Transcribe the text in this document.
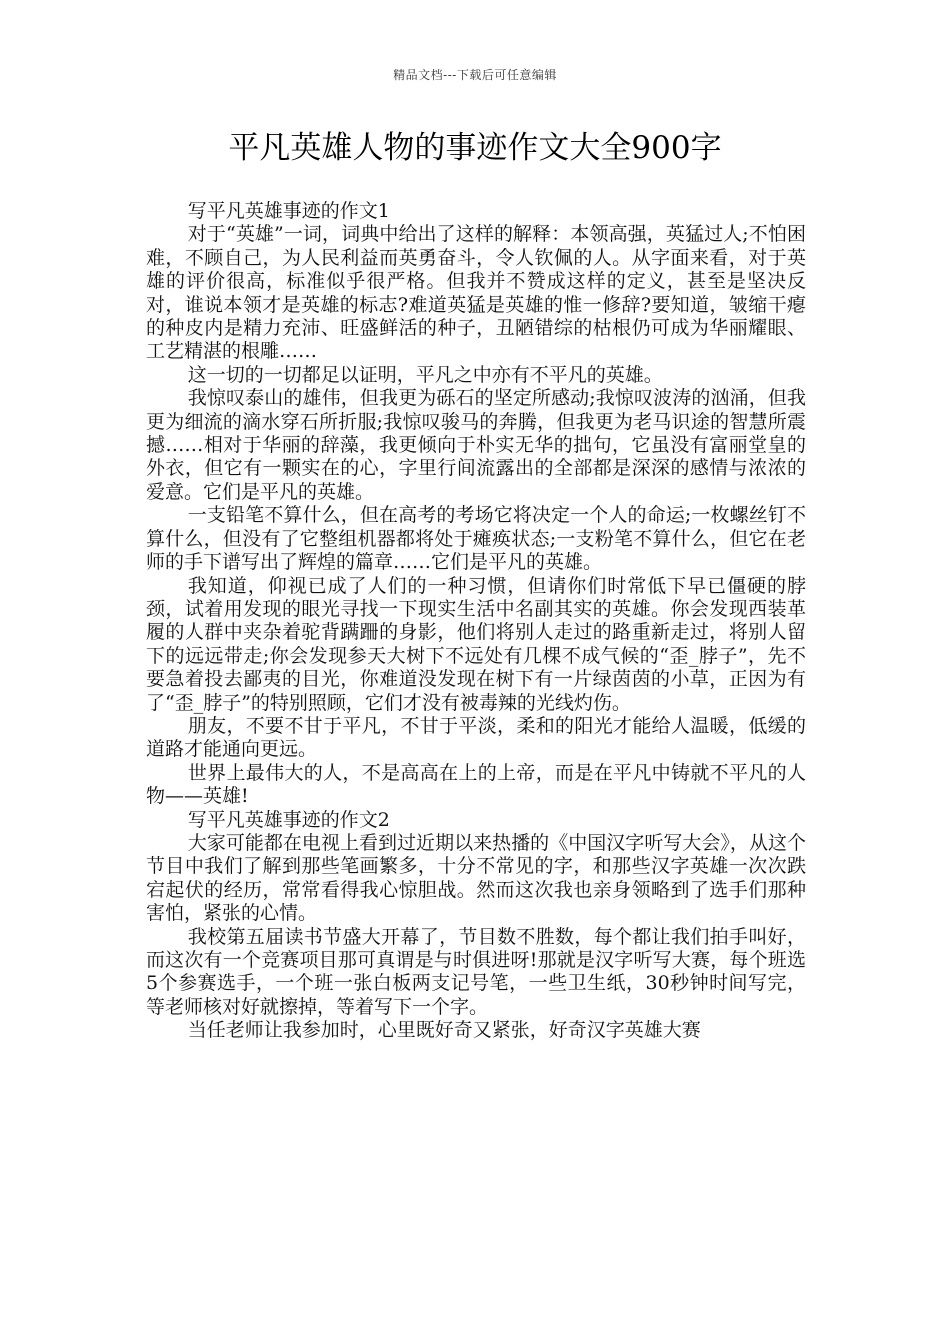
精品文档---下载后可任意编辑
平凡英雄人物的事迹作文大全900字

写平凡英雄事迹的作文1

对于“英雄”一词，词典中给出了这样的解释：本领高强，英猛过人;不怕困难，不顾自己，为人民利益而英勇奋斗，令人钦佩的人。从字面来看，对于英雄的评价很高，标准似乎很严格。但我并不赞成这样的定义，甚至是坚决反对，谁说本领才是英雄的标志?难道英猛是英雄的惟一修辞?要知道，皱缩干瘪的种皮内是精力充沛、旺盛鲜活的种子，丑陋错综的枯根仍可成为华丽耀眼、工艺精湛的根雕……

这一切的一切都足以证明，平凡之中亦有不平凡的英雄。

我惊叹泰山的雄伟，但我更为砾石的坚定所感动;我惊叹波涛的汹涌，但我更为细流的滴水穿石所折服;我惊叹骏马的奔腾，但我更为老马识途的智慧所震撼……相对于华丽的辞藻，我更倾向于朴实无华的拙句，它虽没有富丽堂皇的外衣，但它有一颗实在的心，字里行间流露出的全部都是深深的感情与浓浓的爱意。它们是平凡的英雄。

一支铅笔不算什么，但在高考的考场它将决定一个人的命运;一枚螺丝钉不算什么，但没有了它整组机器都将处于瘫痪状态;一支粉笔不算什么，但它在老师的手下谱写出了辉煌的篇章……它们是平凡的英雄。

我知道，仰视已成了人们的一种习惯，但请你们时常低下早已僵硬的脖颈，试着用发现的眼光寻找一下现实生活中名副其实的英雄。你会发现西装革履的人群中夹杂着驼背蹒跚的身影，他们将别人走过的路重新走过，将别人留下的远远带走;你会发现参天大树下不远处有几棵不成气候的“歪_脖子”，先不要急着投去鄙夷的目光，你难道没发现在树下有一片绿茵茵的小草，正因为有了“歪_脖子”的特别照顾，它们才没有被毒辣的光线灼伤。

朋友，不要不甘于平凡，不甘于平淡，柔和的阳光才能给人温暖，低缓的道路才能通向更远。

世界上最伟大的人，不是高高在上的上帝，而是在平凡中铸就不平凡的人物——英雄!

写平凡英雄事迹的作文2

大家可能都在电视上看到过近期以来热播的《中国汉字听写大会》，从这个节目中我们了解到那些笔画繁多，十分不常见的字，和那些汉字英雄一次次跌宕起伏的经历，常常看得我心惊胆战。然而这次我也亲身领略到了选手们那种害怕，紧张的心情。

我校第五届读书节盛大开幕了，节目数不胜数，每个都让我们拍手叫好，而这次有一个竞赛项目那可真谓是与时俱进呀!那就是汉字听写大赛，每个班选5个参赛选手，一个班一张白板两支记号笔，一些卫生纸，30秒钟时间写完，等老师核对好就擦掉，等着写下一个字。

当任老师让我参加时，心里既好奇又紧张，好奇汉字英雄大赛
